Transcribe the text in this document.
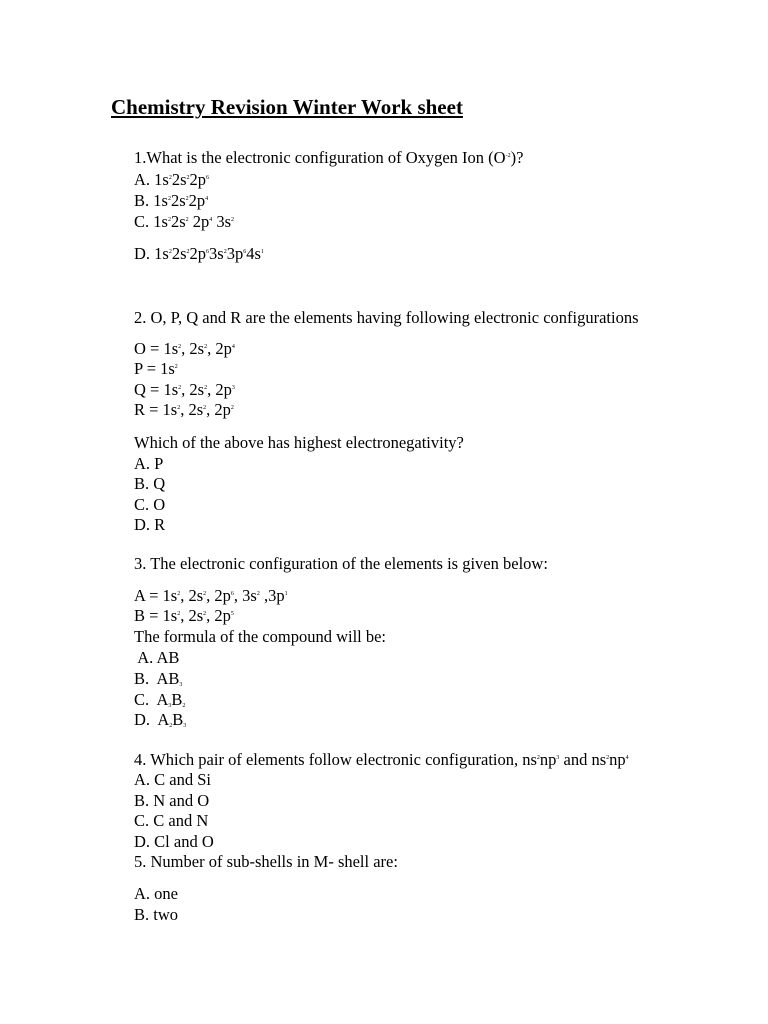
Chemistry Revision Winter Work sheet
1.What is the electronic configuration of Oxygen Ion $(O^{-2})$?
A. $1s^22s^22p^6$
B. $1s^22s^22p^4$
C. $1s^22s^2$ $2p^4$ $3s^2$
D. $1s^22s^22p^63s^23p^64s^1$
2. O, P, Q and R are the elements having following electronic configurations
$O = 1s^2$, $2s^2$, $2p^4$
$P = 1s^2$
$Q = 1s^2$, $2s^2$, $2p^3$
$R = 1s^2$, $2s^2$, $2p^2$
Which of the above has highest electronegativity?
A. P
B. Q
C. O
D. R
3. The electronic configuration of the elements is given below:
$A = 1s^2$, $2s^2$, $2p^6$, $3s^2$ $,3p^1$
$B = 1s^2$, $2s^2$, $2p^5$
The formula of the compound will be:
A. AB
B.  $AB_3$
C.  $A_3B_2$
D.  $A_2B_3$
4. Which pair of elements follow electronic configuration, $ns^2np^3$ and $ns^2np^4$
A. C and Si
B. N and O
C. C and N
D. Cl and O
5. Number of sub-shells in M- shell are:
A. one
B. two
